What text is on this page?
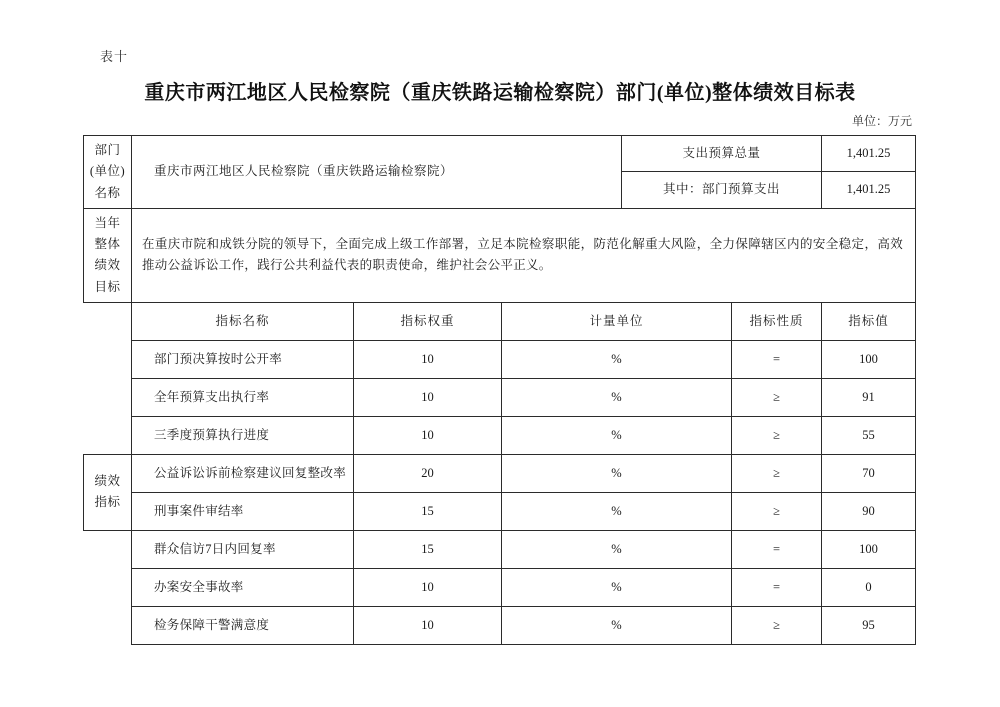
表十
重庆市两江地区人民检察院（重庆铁路运输检察院）部门(单位)整体绩效目标表
单位：万元
部门
(单位)
名称	重庆市两江地区人民检察院（重庆铁路运输检察院）			支出预算总量		1,401.25
				其中：部门预算支出		1,401.25

当年
整体
绩效
目标	在重庆市院和成铁分院的领导下，全面完成上级工作部署，立足本院检察职能，防范化解重大风险，全力保障辖区内的安全稳定，高效推动公益诉讼工作，践行公共利益代表的职责使命，维护社会公平正义。					
	指标名称	指标权重	计量单位		指标性质	指标值
	部门预决算按时公开率	10	%		=	100
	全年预算支出执行率	10	%		≥	91
	三季度预算执行进度	10	%		≥	55

绩效
指标	公益诉讼诉前检察建议回复整改率	20	%		≥	70
	刑事案件审结率	15	%		≥	90
	群众信访7日内回复率	15	%		=	100
	办案安全事故率	10	%		=	0
	检务保障干警满意度	10	%		≥	95
